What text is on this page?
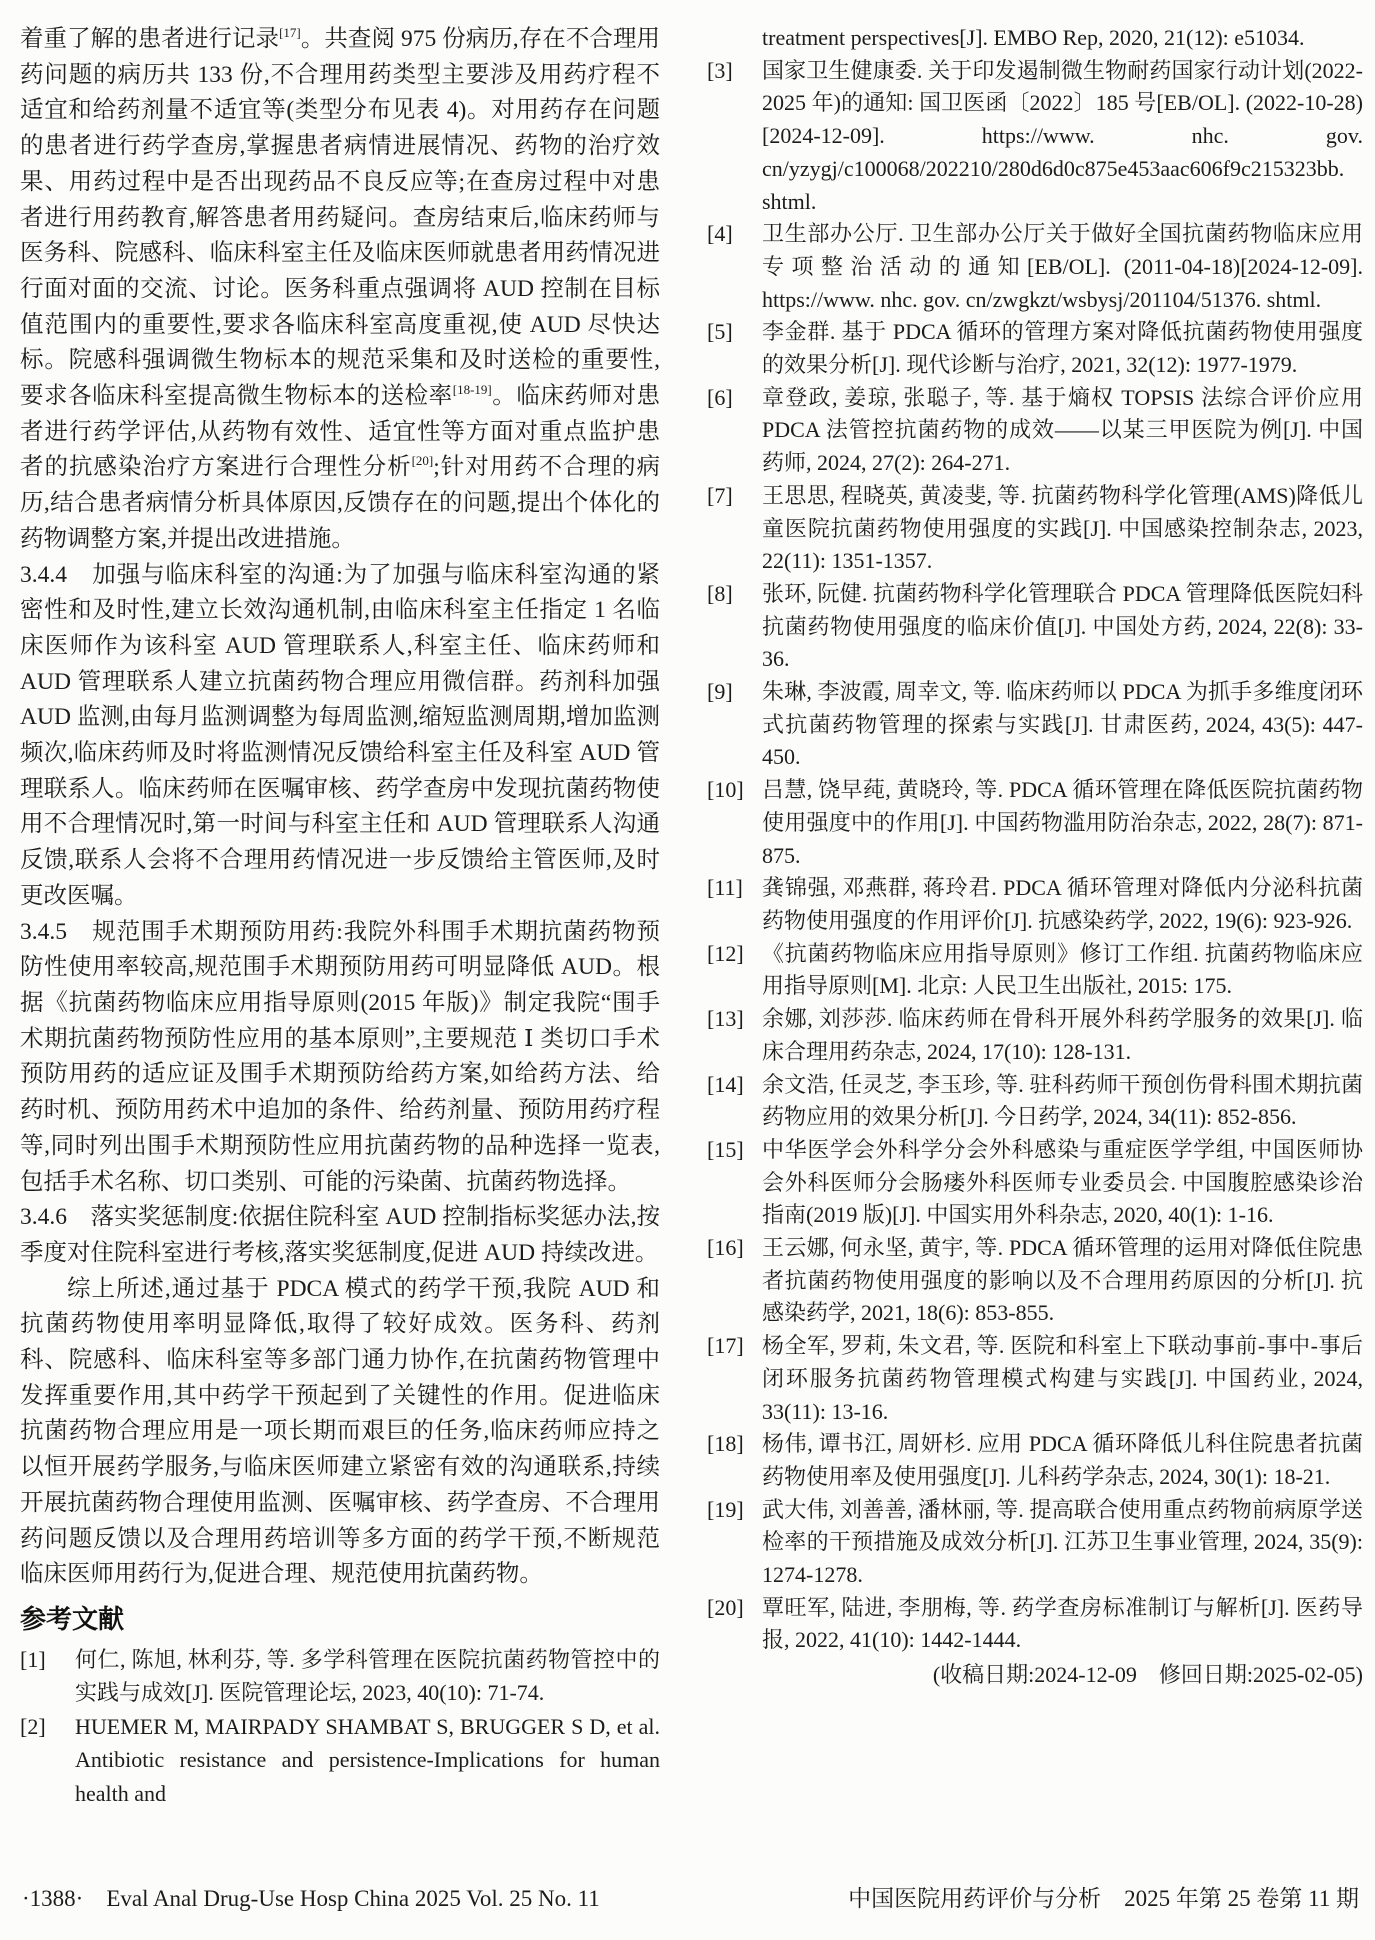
着重了解的患者进行记录[17]。共查阅 975 份病历,存在不合理用药问题的病历共 133 份,不合理用药类型主要涉及用药疗程不适宜和给药剂量不适宜等(类型分布见表 4)。对用药存在问题的患者进行药学查房,掌握患者病情进展情况、药物的治疗效果、用药过程中是否出现药品不良反应等;在查房过程中对患者进行用药教育,解答患者用药疑问。查房结束后,临床药师与医务科、院感科、临床科室主任及临床医师就患者用药情况进行面对面的交流、讨论。医务科重点强调将 AUD 控制在目标值范围内的重要性,要求各临床科室高度重视,使 AUD 尽快达标。院感科强调微生物标本的规范采集和及时送检的重要性,要求各临床科室提高微生物标本的送检率[18-19]。临床药师对患者进行药学评估,从药物有效性、适宜性等方面对重点监护患者的抗感染治疗方案进行合理性分析[20];针对用药不合理的病历,结合患者病情分析具体原因,反馈存在的问题,提出个体化的药物调整方案,并提出改进措施。

3.4.4　加强与临床科室的沟通:为了加强与临床科室沟通的紧密性和及时性,建立长效沟通机制,由临床科室主任指定 1 名临床医师作为该科室 AUD 管理联系人,科室主任、临床药师和 AUD 管理联系人建立抗菌药物合理应用微信群。药剂科加强 AUD 监测,由每月监测调整为每周监测,缩短监测周期,增加监测频次,临床药师及时将监测情况反馈给科室主任及科室 AUD 管理联系人。临床药师在医嘱审核、药学查房中发现抗菌药物使用不合理情况时,第一时间与科室主任和 AUD 管理联系人沟通反馈,联系人会将不合理用药情况进一步反馈给主管医师,及时更改医嘱。

3.4.5　规范围手术期预防用药:我院外科围手术期抗菌药物预防性使用率较高,规范围手术期预防用药可明显降低 AUD。根据《抗菌药物临床应用指导原则(2015 年版)》制定我院“围手术期抗菌药物预防性应用的基本原则”,主要规范 Ⅰ 类切口手术预防用药的适应证及围手术期预防给药方案,如给药方法、给药时机、预防用药术中追加的条件、给药剂量、预防用药疗程等,同时列出围手术期预防性应用抗菌药物的品种选择一览表,包括手术名称、切口类别、可能的污染菌、抗菌药物选择。

3.4.6　落实奖惩制度:依据住院科室 AUD 控制指标奖惩办法,按季度对住院科室进行考核,落实奖惩制度,促进 AUD 持续改进。

综上所述,通过基于 PDCA 模式的药学干预,我院 AUD 和抗菌药物使用率明显降低,取得了较好成效。医务科、药剂科、院感科、临床科室等多部门通力协作,在抗菌药物管理中发挥重要作用,其中药学干预起到了关键性的作用。促进临床抗菌药物合理应用是一项长期而艰巨的任务,临床药师应持之以恒开展药学服务,与临床医师建立紧密有效的沟通联系,持续开展抗菌药物合理使用监测、医嘱审核、药学查房、不合理用药问题反馈以及合理用药培训等多方面的药学干预,不断规范临床医师用药行为,促进合理、规范使用抗菌药物。

参考文献
[1]	何仁, 陈旭, 林利芬, 等. 多学科管理在医院抗菌药物管控中的实践与成效[J]. 医院管理论坛, 2023, 40(10): 71-74.
[2]	HUEMER M, MAIRPADY SHAMBAT S, BRUGGER S D, et al. Antibiotic resistance and persistence-Implications for human health and
treatment perspectives[J]. EMBO Rep, 2020, 21(12): e51034.
[3]	国家卫生健康委. 关于印发遏制微生物耐药国家行动计划(2022-2025 年)的通知: 国卫医函〔2022〕185 号[EB/OL]. (2022-10-28)[2024-12-09]. https://www. nhc. gov. cn/yzygj/c100068/202210/280d6d0c875e453aac606f9c215323bb. shtml.
[4]	卫生部办公厅. 卫生部办公厅关于做好全国抗菌药物临床应用专项整治活动的通知[EB/OL]. (2011-04-18)[2024-12-09]. https://www. nhc. gov. cn/zwgkzt/wsbysj/201104/51376. shtml.
[5]	李金群. 基于 PDCA 循环的管理方案对降低抗菌药物使用强度的效果分析[J]. 现代诊断与治疗, 2021, 32(12): 1977-1979.
[6]	章登政, 姜琼, 张聪子, 等. 基于熵权 TOPSIS 法综合评价应用 PDCA 法管控抗菌药物的成效——以某三甲医院为例[J]. 中国药师, 2024, 27(2): 264-271.
[7]	王思思, 程晓英, 黄凌斐, 等. 抗菌药物科学化管理(AMS)降低儿童医院抗菌药物使用强度的实践[J]. 中国感染控制杂志, 2023, 22(11): 1351-1357.
[8]	张环, 阮健. 抗菌药物科学化管理联合 PDCA 管理降低医院妇科抗菌药物使用强度的临床价值[J]. 中国处方药, 2024, 22(8): 33-36.
[9]	朱琳, 李波霞, 周幸文, 等. 临床药师以 PDCA 为抓手多维度闭环式抗菌药物管理的探索与实践[J]. 甘肃医药, 2024, 43(5): 447-450.
[10] 吕慧, 饶早莼, 黄晓玲, 等. PDCA 循环管理在降低医院抗菌药物使用强度中的作用[J]. 中国药物滥用防治杂志, 2022, 28(7): 871-875.
[11] 龚锦强, 邓燕群, 蒋玲君. PDCA 循环管理对降低内分泌科抗菌药物使用强度的作用评价[J]. 抗感染药学, 2022, 19(6): 923-926.
[12] 《抗菌药物临床应用指导原则》修订工作组. 抗菌药物临床应用指导原则[M]. 北京: 人民卫生出版社, 2015: 175.
[13] 余娜, 刘莎莎. 临床药师在骨科开展外科药学服务的效果[J]. 临床合理用药杂志, 2024, 17(10): 128-131.
[14] 余文浩, 任灵芝, 李玉珍, 等. 驻科药师干预创伤骨科围术期抗菌药物应用的效果分析[J]. 今日药学, 2024, 34(11): 852-856.
[15] 中华医学会外科学分会外科感染与重症医学学组, 中国医师协会外科医师分会肠瘘外科医师专业委员会. 中国腹腔感染诊治指南(2019 版)[J]. 中国实用外科杂志, 2020, 40(1): 1-16.
[16] 王云娜, 何永坚, 黄宇, 等. PDCA 循环管理的运用对降低住院患者抗菌药物使用强度的影响以及不合理用药原因的分析[J]. 抗感染药学, 2021, 18(6): 853-855.
[17] 杨全军, 罗莉, 朱文君, 等. 医院和科室上下联动事前-事中-事后闭环服务抗菌药物管理模式构建与实践[J]. 中国药业, 2024, 33(11): 13-16.
[18] 杨伟, 谭书江, 周妍杉. 应用 PDCA 循环降低儿科住院患者抗菌药物使用率及使用强度[J]. 儿科药学杂志, 2024, 30(1): 18-21.
[19] 武大伟, 刘善善, 潘林丽, 等. 提高联合使用重点药物前病原学送检率的干预措施及成效分析[J]. 江苏卫生事业管理, 2024, 35(9): 1274-1278.
[20] 覃旺军, 陆进, 李朋梅, 等. 药学查房标准制订与解析[J]. 医药导报, 2022, 41(10): 1442-1444.
(收稿日期:2024-12-09　修回日期:2025-02-05)
·1388·　Eval Anal Drug-Use Hosp China 2025 Vol. 25 No. 11	中国医院用药评价与分析　2025 年第 25 卷第 11 期
